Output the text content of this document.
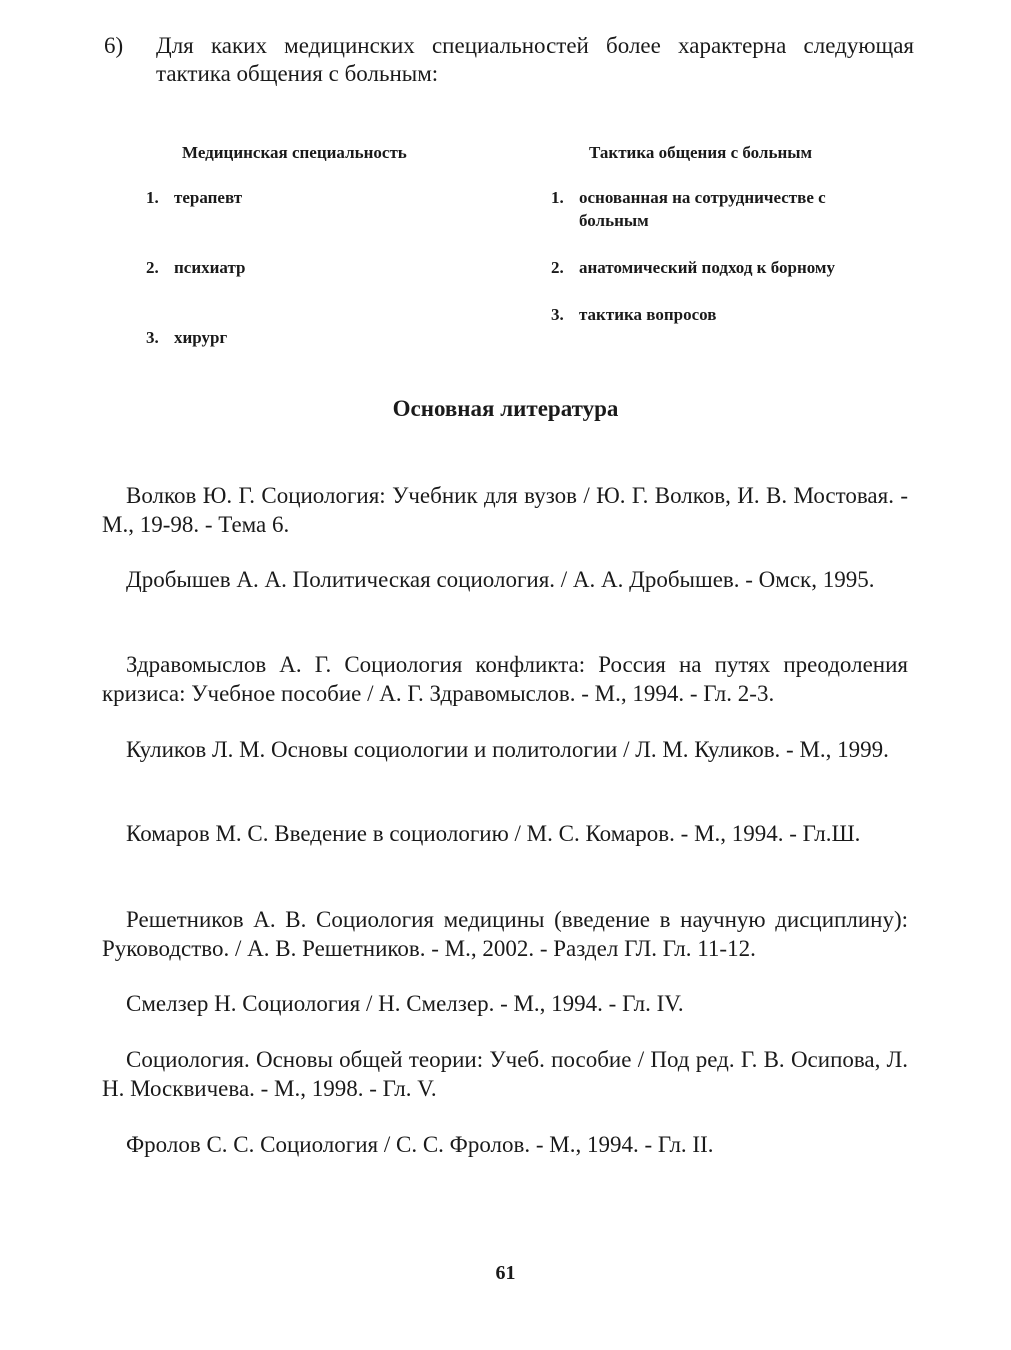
6) Для каких медицинских специальностей более характерна следующая тактика общения с больным:
Медицинская специальность	Тактика общения с больным
1. терапевт
2. психиатр
3. хирург
1. основанная на сотрудничестве с больным
2. анатомический подход к борному
3. тактика вопросов
Основная литература
Волков Ю. Г. Социология: Учебник для вузов / Ю. Г. Волков, И. В. Мостовая. - М., 19-98. - Тема 6.
Дробышев А. А. Политическая социология. / А. А. Дробышев. - Омск, 1995.
Здравомыслов А. Г. Социология конфликта: Россия на путях преодоления кризиса: Учебное пособие / А. Г. Здравомыслов. - М., 1994. - Гл. 2-3.
Куликов Л. М. Основы социологии и политологии / Л. М. Куликов. - М., 1999.
Комаров М. С. Введение в социологию / М. С. Комаров. - М., 1994. - Гл.Ш.
Решетников А. В. Социология медицины (введение в научную дисциплину): Руководство. / А. В. Решетников. - М., 2002. - Раздел ГЛ. Гл. 11-12.
Смелзер Н. Социология / Н. Смелзер. - М., 1994. - Гл. IV.
Социология. Основы общей теории: Учеб. пособие / Под ред. Г. В. Осипова, Л. Н. Москвичева. - М., 1998. - Гл. V.
Фролов С. С. Социология / С. С. Фролов. - М., 1994. - Гл. II.
61
